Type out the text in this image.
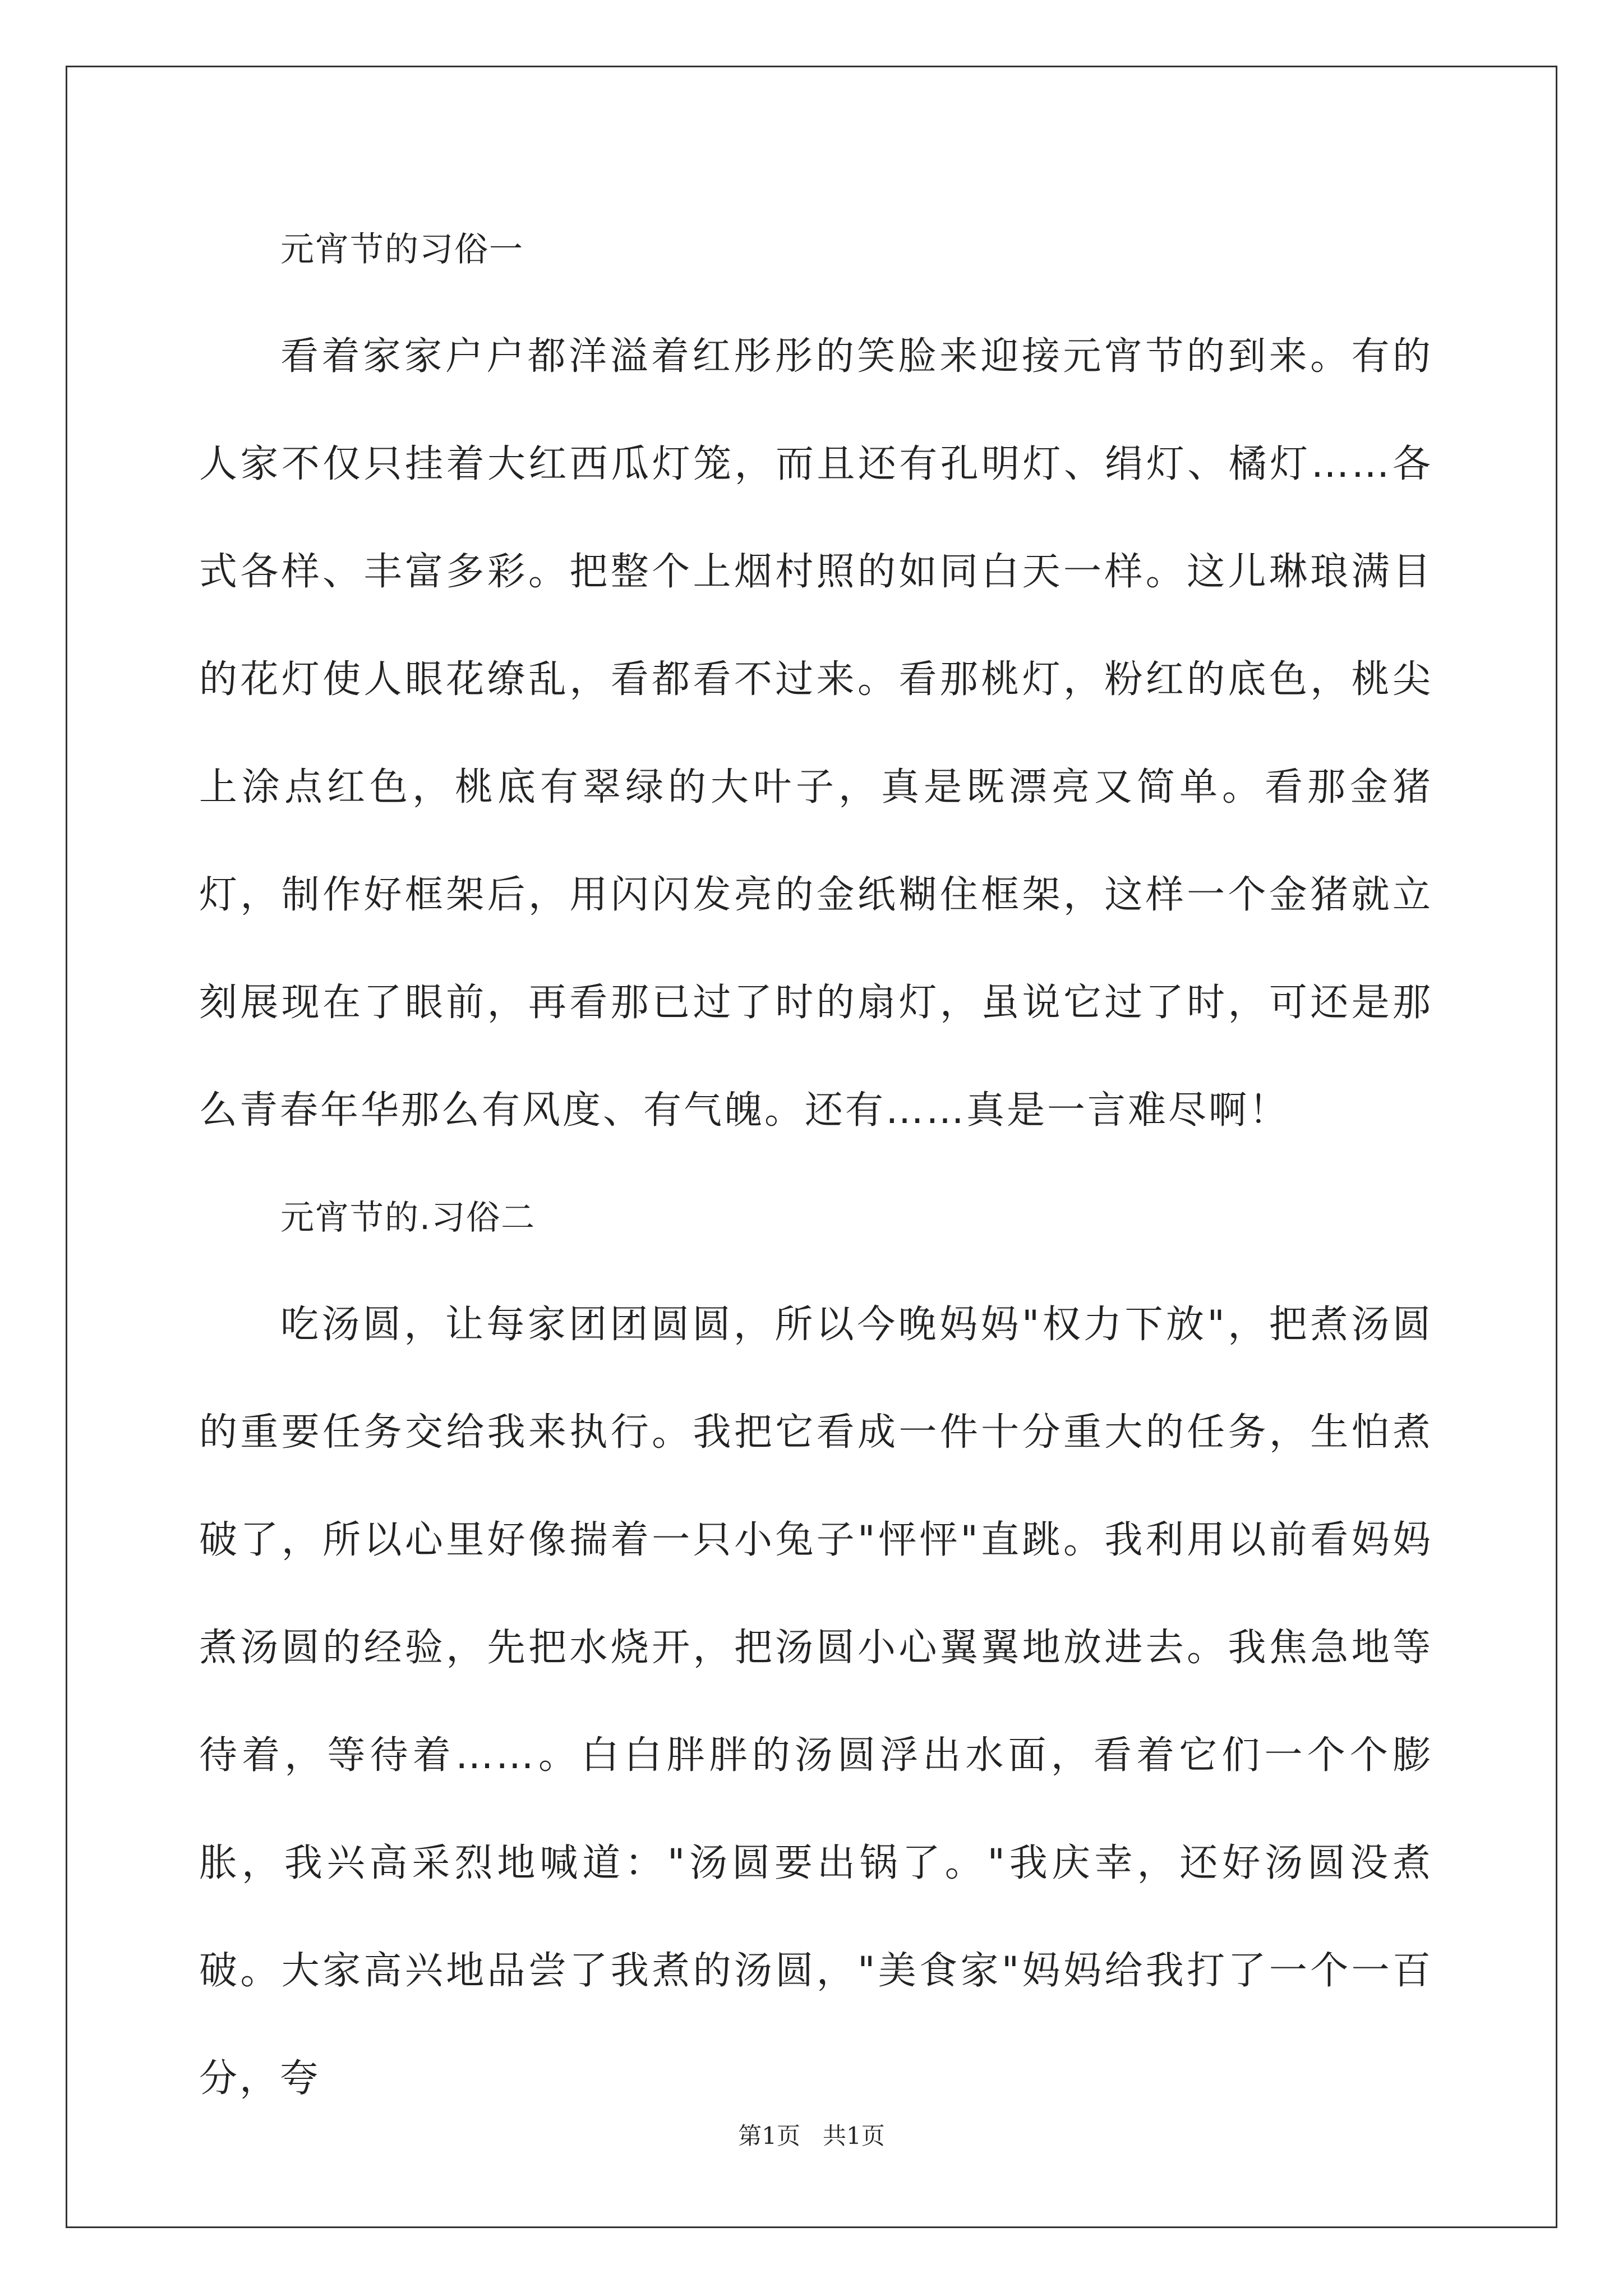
元宵节的习俗一

看着家家户户都洋溢着红彤彤的笑脸来迎接元宵节的到来。有的人家不仅只挂着大红西瓜灯笼，而且还有孔明灯、绢灯、橘灯……各式各样、丰富多彩。把整个上烟村照的如同白天一样。这儿琳琅满目的花灯使人眼花缭乱，看都看不过来。看那桃灯，粉红的底色，桃尖上涂点红色，桃底有翠绿的大叶子，真是既漂亮又简单。看那金猪灯，制作好框架后，用闪闪发亮的金纸糊住框架，这样一个金猪就立刻展现在了眼前，再看那已过了时的扇灯，虽说它过了时，可还是那么青春年华那么有风度、有气魄。还有……真是一言难尽啊！

元宵节的.习俗二

吃汤圆，让每家团团圆圆，所以今晚妈妈"权力下放"，把煮汤圆的重要任务交给我来执行。我把它看成一件十分重大的任务，生怕煮破了，所以心里好像揣着一只小兔子"怦怦"直跳。我利用以前看妈妈煮汤圆的经验，先把水烧开，把汤圆小心翼翼地放进去。我焦急地等待着，等待着……。白白胖胖的汤圆浮出水面，看着它们一个个膨胀，我兴高采烈地喊道："汤圆要出锅了。"我庆幸，还好汤圆没煮破。大家高兴地品尝了我煮的汤圆，"美食家"妈妈给我打了一个一百分，夸

第1页   共1页
